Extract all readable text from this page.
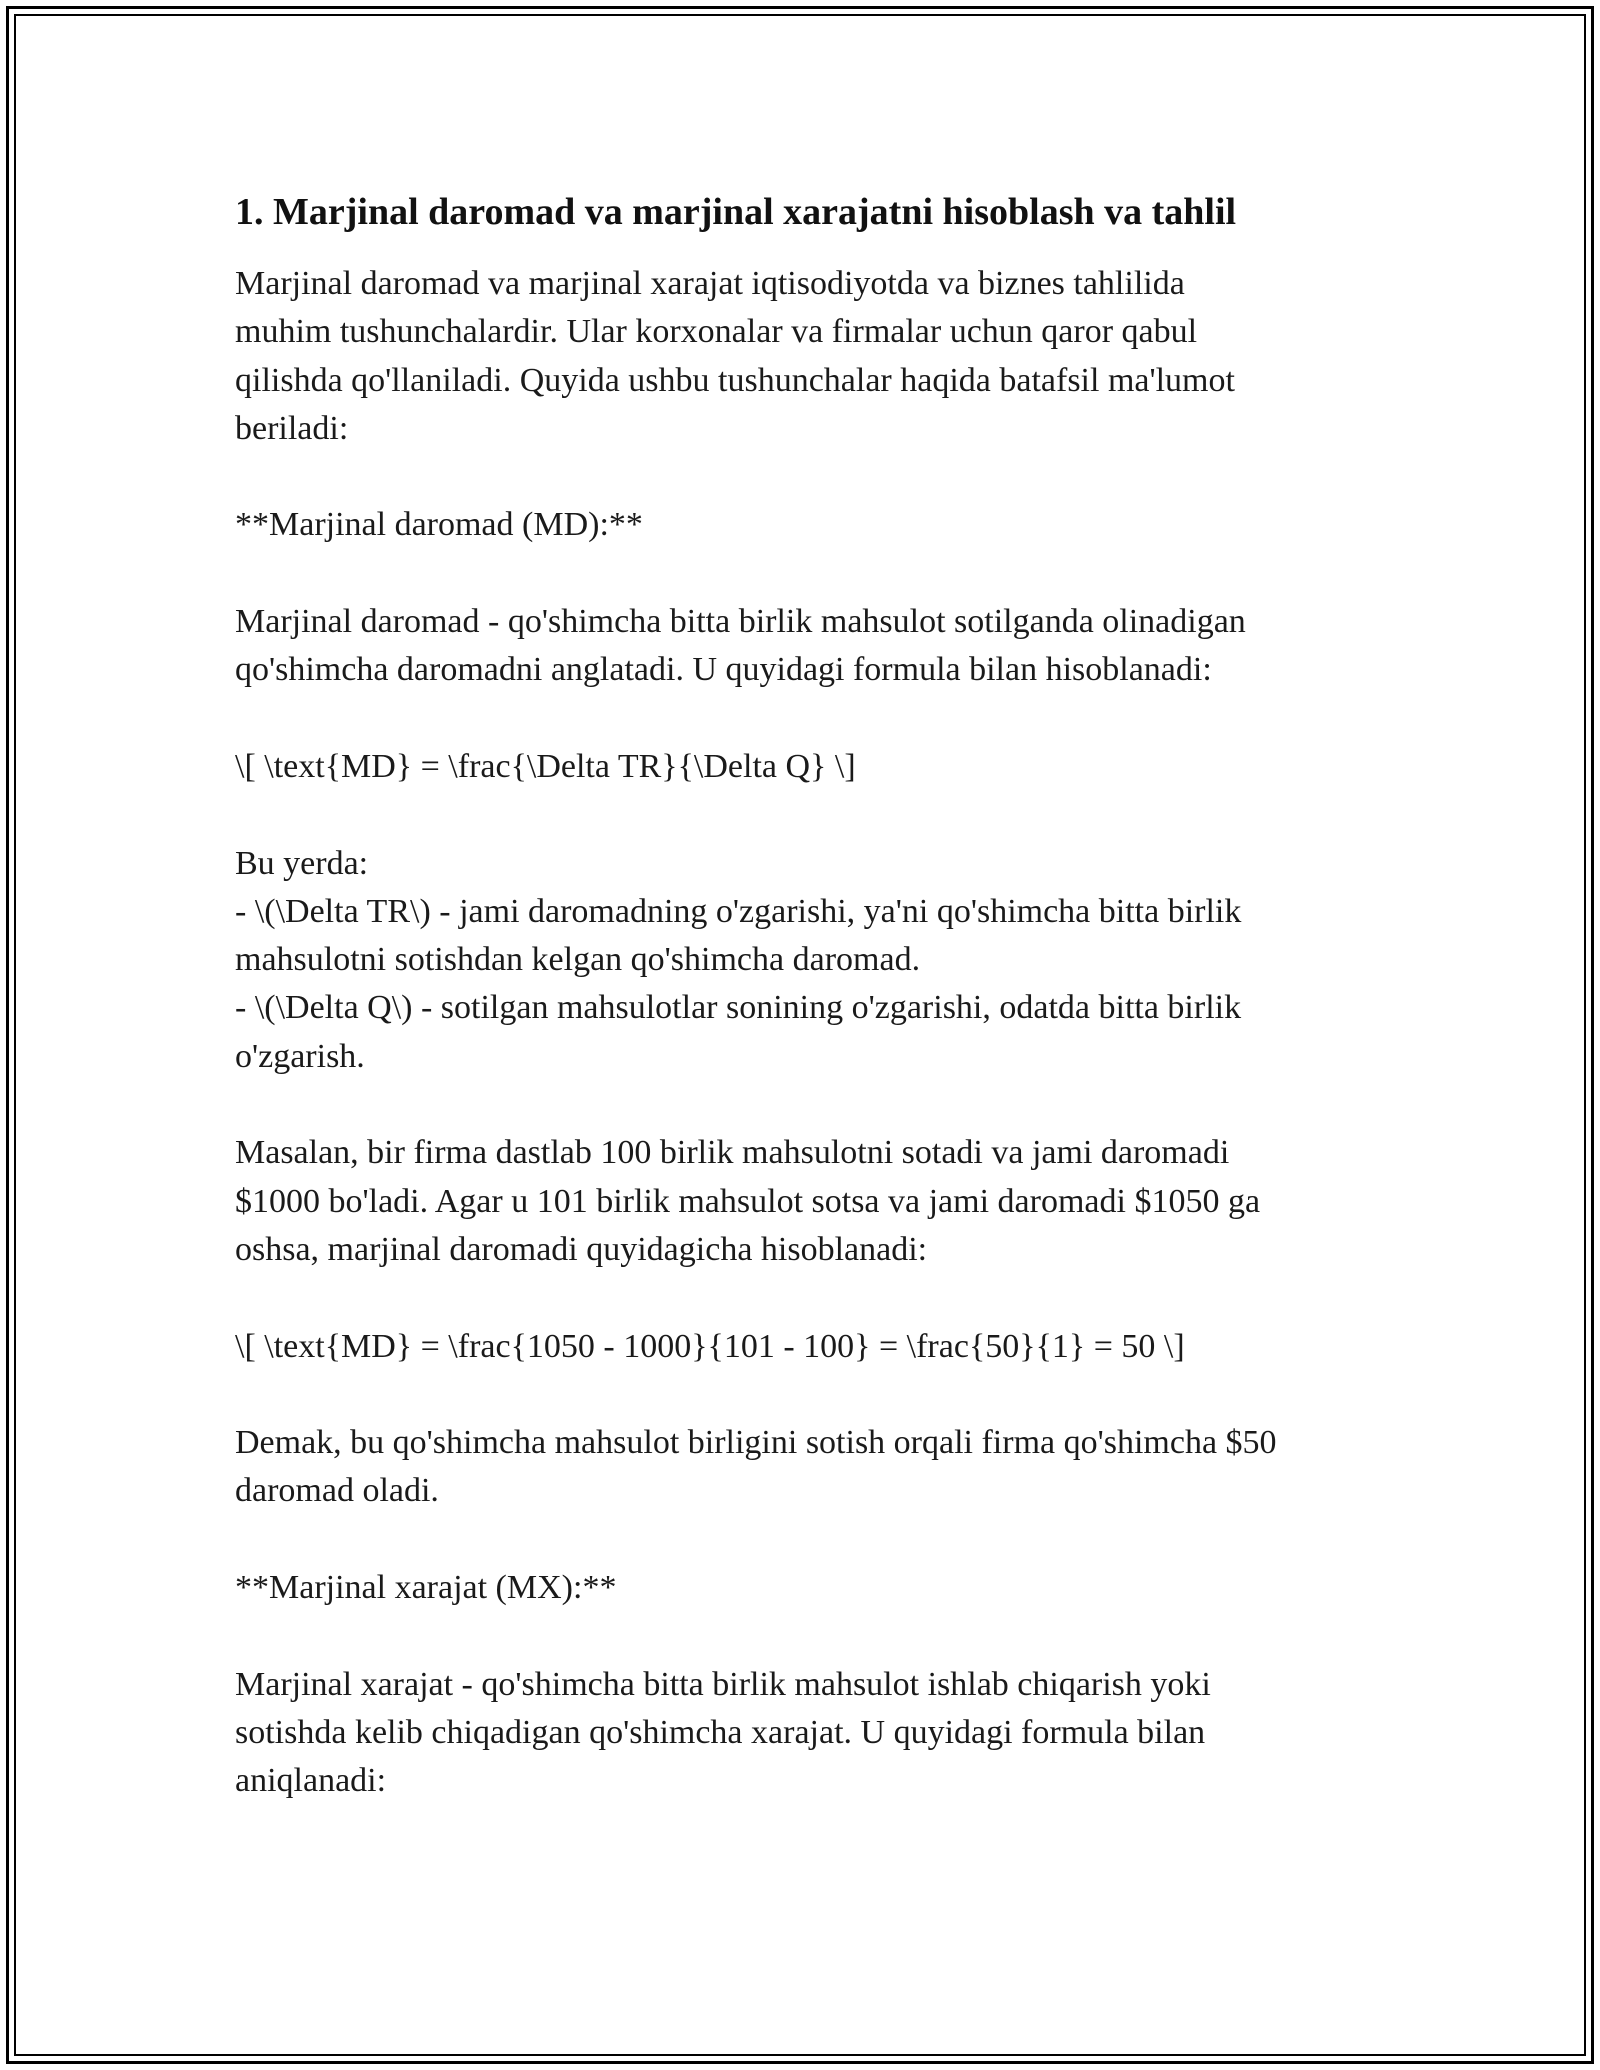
1. Marjinal daromad va marjinal xarajatni hisoblash va tahlil

Marjinal daromad va marjinal xarajat iqtisodiyotda va biznes tahlilida

muhim tushunchalardir. Ular korxonalar va firmalar uchun qaror qabul

qilishda qo'llaniladi. Quyida ushbu tushunchalar haqida batafsil ma'lumot

beriladi:

**Marjinal daromad (MD):**

Marjinal daromad - qo'shimcha bitta birlik mahsulot sotilganda olinadigan

qo'shimcha daromadni anglatadi. U quyidagi formula bilan hisoblanadi:

\[ \text{MD} = \frac{\Delta TR}{\Delta Q} \]

Bu yerda:

- \(\Delta TR\) - jami daromadning o'zgarishi, ya'ni qo'shimcha bitta birlik

mahsulotni sotishdan kelgan qo'shimcha daromad.

- \(\Delta Q\) - sotilgan mahsulotlar sonining o'zgarishi, odatda bitta birlik

o'zgarish.

Masalan, bir firma dastlab 100 birlik mahsulotni sotadi va jami daromadi

$1000 bo'ladi. Agar u 101 birlik mahsulot sotsa va jami daromadi $1050 ga

oshsa, marjinal daromadi quyidagicha hisoblanadi:

\[ \text{MD} = \frac{1050 - 1000}{101 - 100} = \frac{50}{1} = 50 \]

Demak, bu qo'shimcha mahsulot birligini sotish orqali firma qo'shimcha $50

daromad oladi.

**Marjinal xarajat (MX):**

Marjinal xarajat - qo'shimcha bitta birlik mahsulot ishlab chiqarish yoki

sotishda kelib chiqadigan qo'shimcha xarajat. U quyidagi formula bilan

aniqlanadi:
